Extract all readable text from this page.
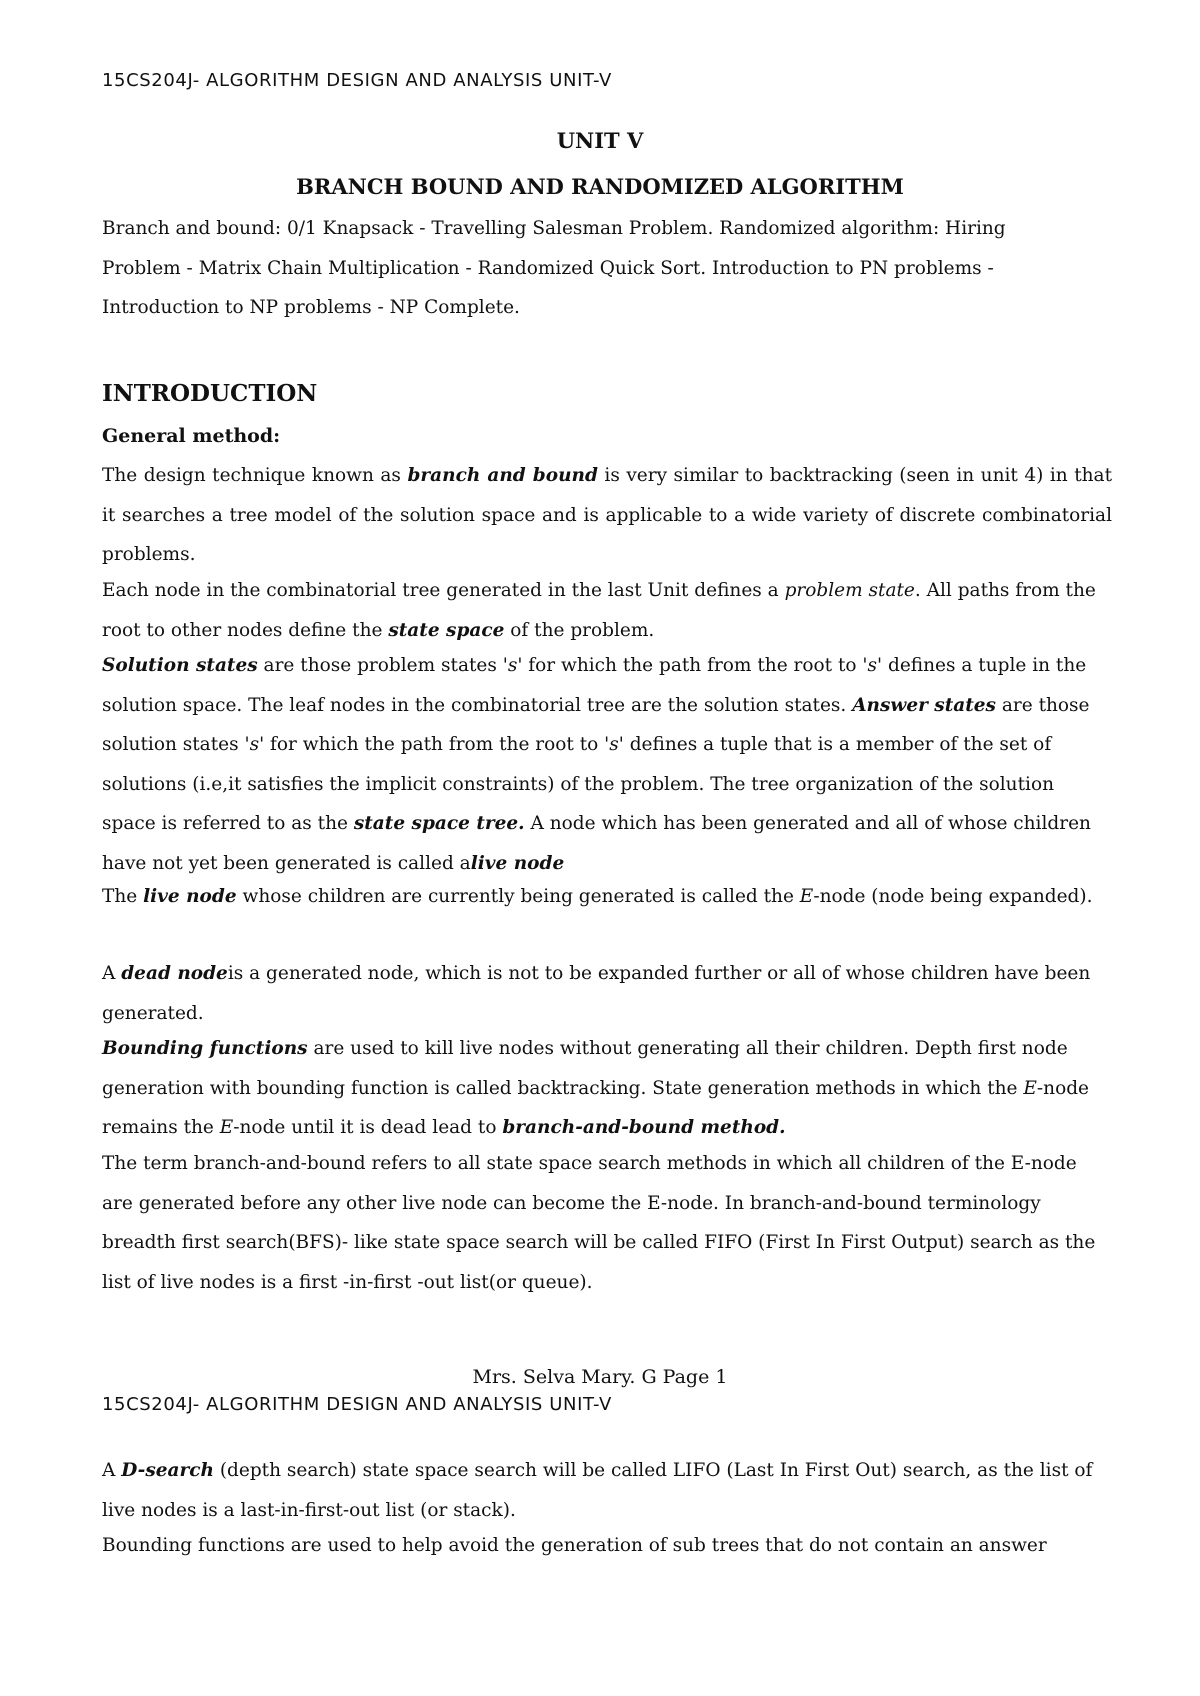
15CS204J- ALGORITHM DESIGN AND ANALYSIS UNIT-V
UNIT V
BRANCH BOUND AND RANDOMIZED ALGORITHM

Branch and bound: 0/1 Knapsack - Travelling Salesman Problem. Randomized algorithm: Hiring Problem - Matrix Chain Multiplication - Randomized Quick Sort. Introduction to PN problems - Introduction to NP problems - NP Complete.

INTRODUCTION
General method:

The design technique known as branch and bound is very similar to backtracking (seen in unit 4) in that it searches a tree model of the solution space and is applicable to a wide variety of discrete combinatorial problems.

Each node in the combinatorial tree generated in the last Unit defines a problem state. All paths from the root to other nodes define the state space of the problem.

Solution states are those problem states 's' for which the path from the root to 's' defines a tuple in the solution space. The leaf nodes in the combinatorial tree are the solution states. Answer states are those solution states 's' for which the path from the root to 's' defines a tuple that is a member of the set of solutions (i.e,it satisfies the implicit constraints) of the problem. The tree organization of the solution space is referred to as the state space tree. A node which has been generated and all of whose children have not yet been generated is called alive node

The live node whose children are currently being generated is called the E-node (node being expanded).

A dead nodeis a generated node, which is not to be expanded further or all of whose children have been generated.

Bounding functions are used to kill live nodes without generating all their children. Depth first node generation with bounding function is called backtracking. State generation methods in which the E-node remains the E-node until it is dead lead to branch-and-bound method.

The term branch-and-bound refers to all state space search methods in which all children of the E-node are generated before any other live node can become the E-node. In branch-and-bound terminology breadth first search(BFS)- like state space search will be called FIFO (First In First Output) search as the list of live nodes is a first -in-first -out list(or queue).

Mrs. Selva Mary. G Page 1
15CS204J- ALGORITHM DESIGN AND ANALYSIS UNIT-V

A D-search (depth search) state space search will be called LIFO (Last In First Out) search, as the list of live nodes is a last-in-first-out list (or stack).

Bounding functions are used to help avoid the generation of sub trees that do not contain an answer
